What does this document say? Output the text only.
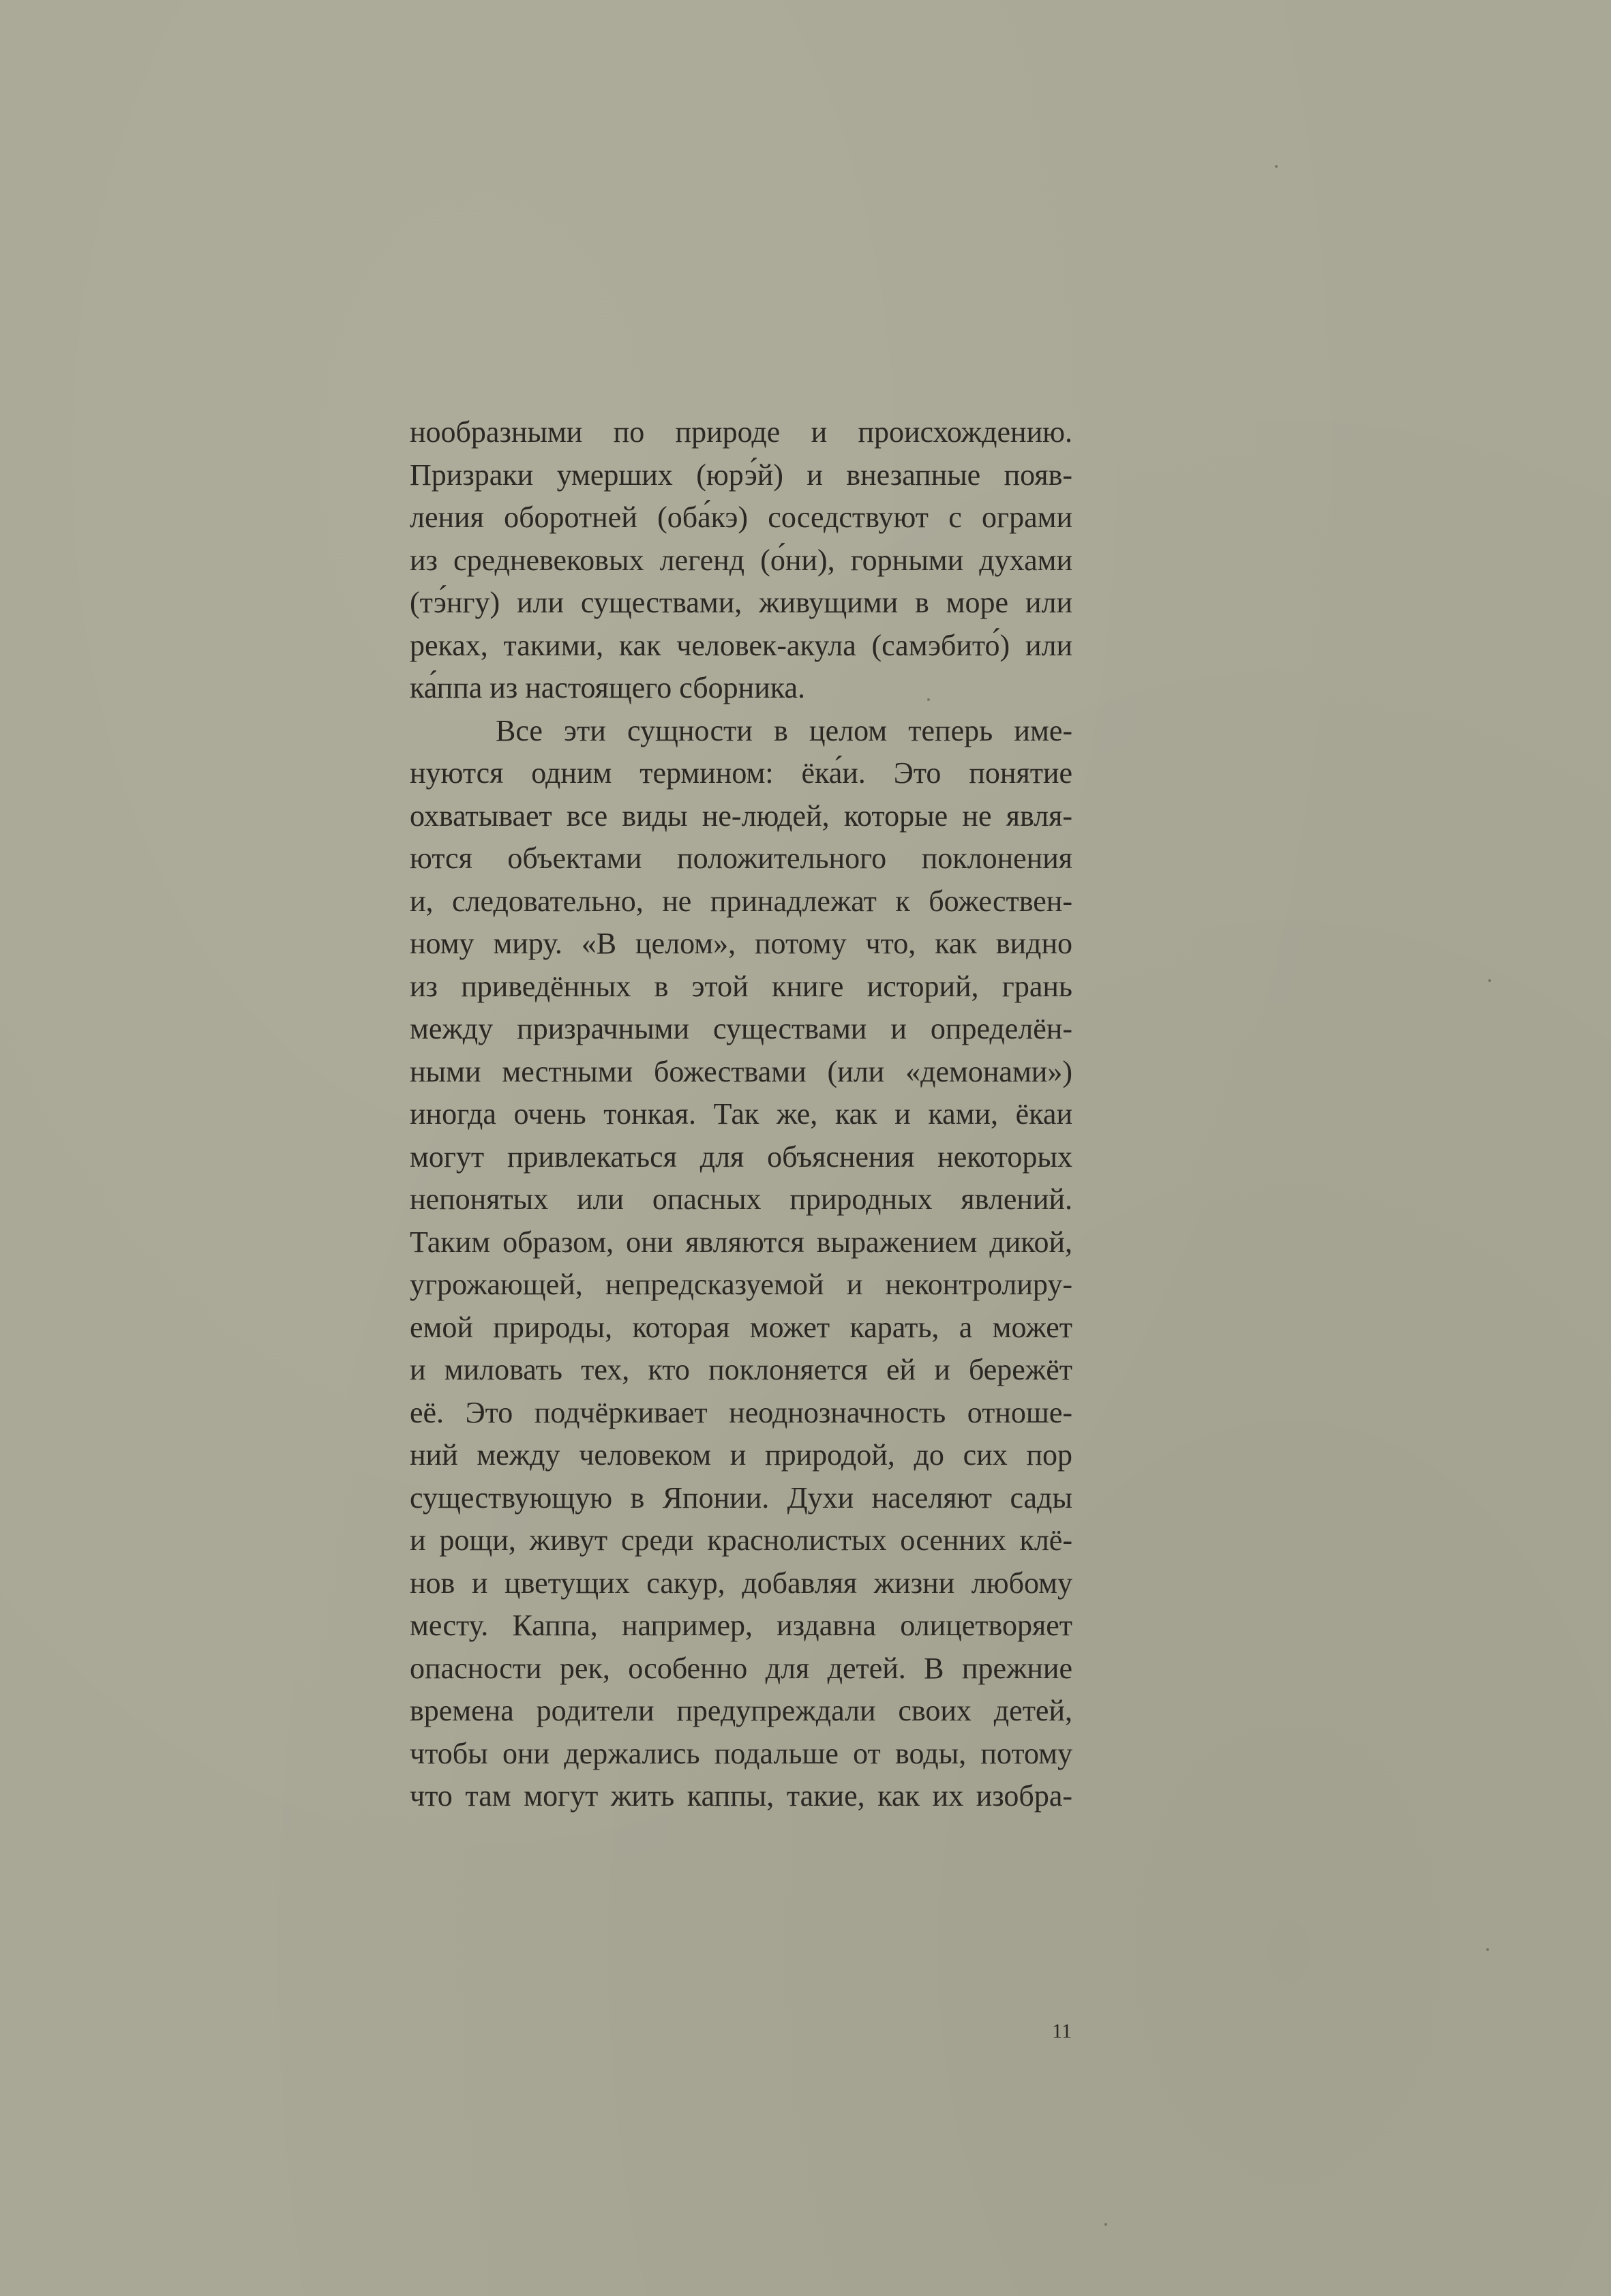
нообразными по природе и происхождению.
Призраки умерших (юрэ́й) и внезапные появ-
ления оборотней (оба́кэ) соседствуют с ограми
из средневековых легенд (о́ни), горными духами
(тэ́нгу) или существами, живущими в море или
реках, такими, как человек-акула (самэбито́) или
ка́ппа из настоящего сборника.

Все эти сущности в целом теперь име-
нуются одним термином: ёка́и. Это понятие
охватывает все виды не-людей, которые не явля-
ются объектами положительного поклонения
и, следовательно, не принадлежат к божествен-
ному миру. «В целом», потому что, как видно
из приведённых в этой книге историй, грань
между призрачными существами и определён-
ными местными божествами (или «демонами»)
иногда очень тонкая. Так же, как и ками, ёкаи
могут привлекаться для объяснения некоторых
непонятых или опасных природных явлений.
Таким образом, они являются выражением дикой,
угрожающей, непредсказуемой и неконтролиру-
емой природы, которая может карать, а может
и миловать тех, кто поклоняется ей и бережёт
её. Это подчёркивает неоднозначность отноше-
ний между человеком и природой, до сих пор
существующую в Японии. Духи населяют сады
и рощи, живут среди краснолистых осенних клё-
нов и цветущих сакур, добавляя жизни любому
месту. Каппа, например, издавна олицетворяет
опасности рек, особенно для детей. В прежние
времена родители предупреждали своих детей,
чтобы они держались подальше от воды, потому
что там могут жить каппы, такие, как их изобра-

11
